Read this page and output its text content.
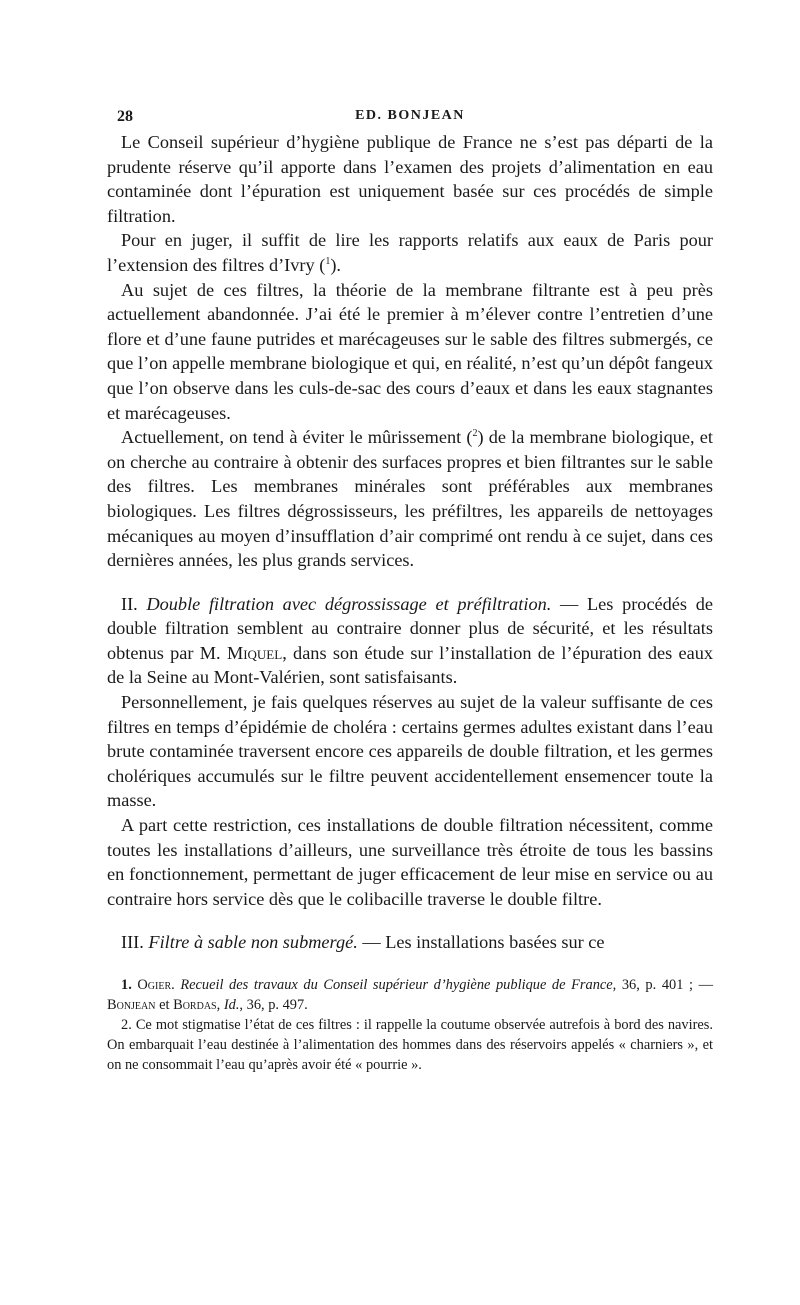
28	ED. BONJEAN

Le Conseil supérieur d’hygiène publique de France ne s’est pas départi de la prudente réserve qu’il apporte dans l’examen des projets d’alimentation en eau contaminée dont l’épuration est uniquement basée sur ces procédés de simple filtration.

Pour en juger, il suffit de lire les rapports relatifs aux eaux de Paris pour l’extension des filtres d’Ivry ($^1$).

Au sujet de ces filtres, la théorie de la membrane filtrante est à peu près actuellement abandonnée. J’ai été le premier à m’élever contre l’entretien d’une flore et d’une faune putrides et marécageuses sur le sable des filtres submergés, ce que l’on appelle membrane biologique et qui, en réalité, n’est qu’un dépôt fangeux que l’on observe dans les culs-de-sac des cours d’eaux et dans les eaux stagnantes et marécageuses.

Actuellement, on tend à éviter le mûrissement ($^2$) de la membrane biologique, et on cherche au contraire à obtenir des surfaces propres et bien filtrantes sur le sable des filtres. Les membranes minérales sont préférables aux membranes biologiques. Les filtres dégrossisseurs, les préfiltres, les appareils de nettoyages mécaniques au moyen d’insufflation d’air comprimé ont rendu à ce sujet, dans ces dernières années, les plus grands services.

II. Double filtration avec dégrossissage et préfiltration. — Les procédés de double filtration semblent au contraire donner plus de sécurité, et les résultats obtenus par M. Miquel, dans son étude sur l’installation de l’épuration des eaux de la Seine au Mont-Valérien, sont satisfaisants.

Personnellement, je fais quelques réserves au sujet de la valeur suffisante de ces filtres en temps d’épidémie de choléra : certains germes adultes existant dans l’eau brute contaminée traversent encore ces appareils de double filtration, et les germes cholériques accumulés sur le filtre peuvent accidentellement ensemencer toute la masse.

A part cette restriction, ces installations de double filtration nécessitent, comme toutes les installations d’ailleurs, une surveillance très étroite de tous les bassins en fonctionnement, permettant de juger efficacement de leur mise en service ou au contraire hors service dès que le colibacille traverse le double filtre.

III. Filtre à sable non submergé. — Les installations basées sur ce

1. Ogier. Recueil des travaux du Conseil supérieur d’hygiène publique de France, 36, p. 401 ; — Bonjean et Bordas, Id., 36, p. 497.

2. Ce mot stigmatise l’état de ces filtres : il rappelle la coutume observée autrefois à bord des navires. On embarquait l’eau destinée à l’alimentation des hommes dans des réservoirs appelés « charniers », et on ne consommait l’eau qu’après avoir été « pourrie ».
